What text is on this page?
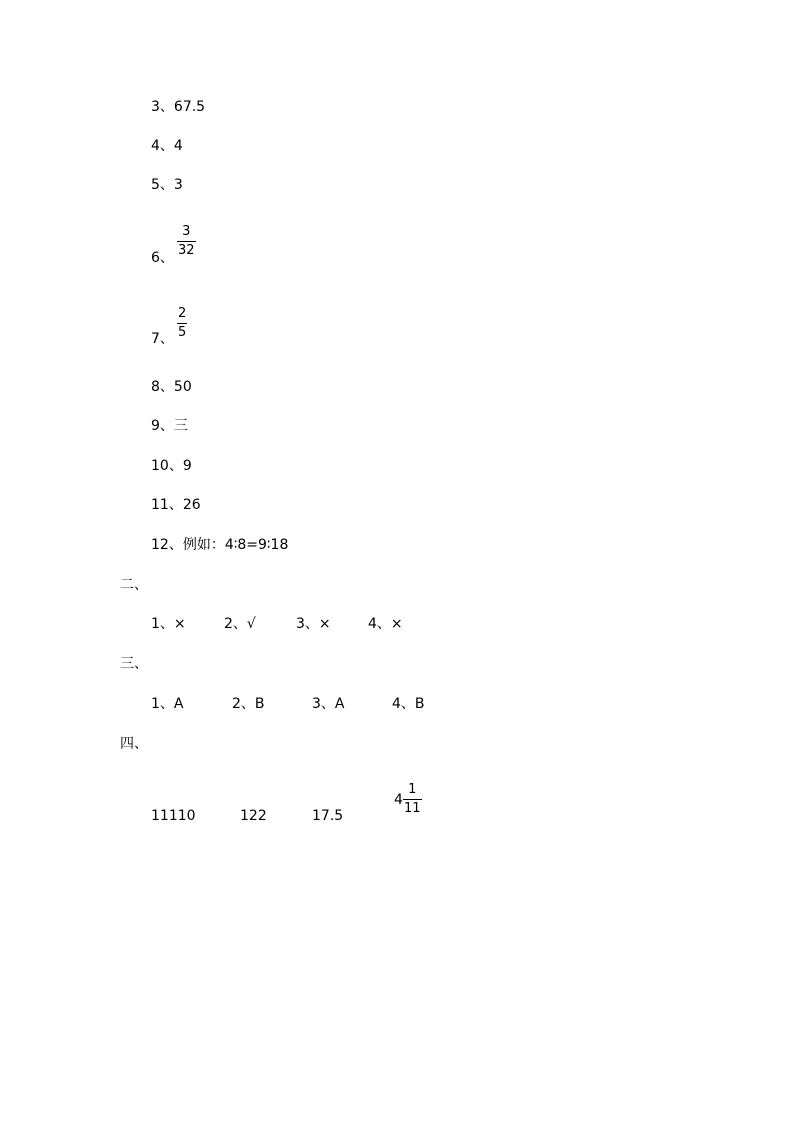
3、67.5
4、4
5、3
6、
3
32
7、
2
5
8、50
9、三
10、9
11、26
12、例如：4∶8=9∶18
二、
1、×	2、√	3、×	4、×
三、
1、A	2、B	3、A	4、B
四、
11110	122	17.5
4
1
11
